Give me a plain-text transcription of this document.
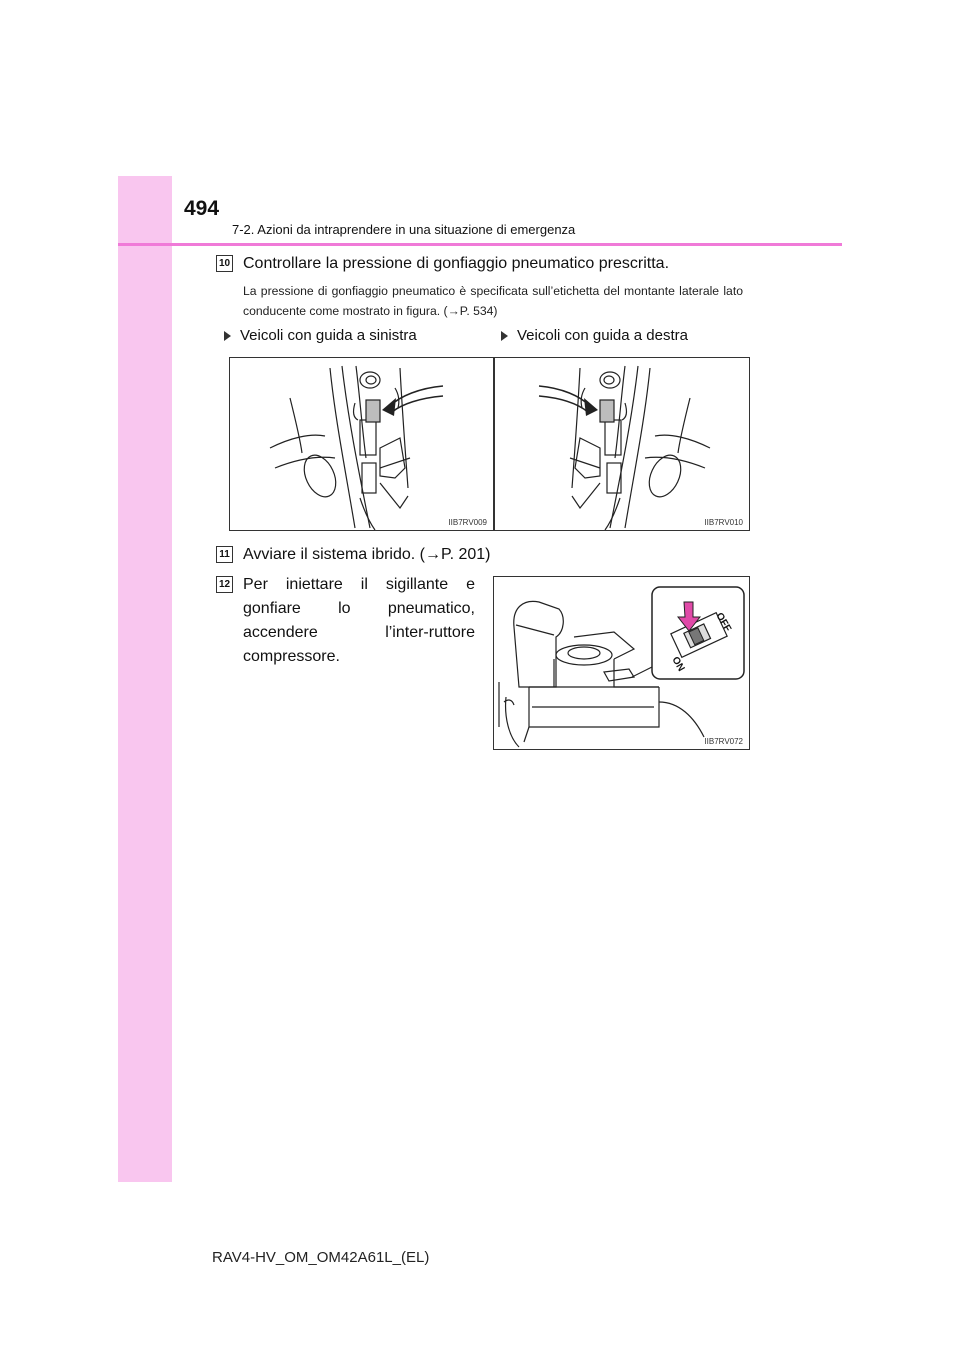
494
7-2. Azioni da intraprendere in una situazione di emergenza
10 Controllare la pressione di gonfiaggio pneumatico prescritta.
La pressione di gonfiaggio pneumatico è specificata sull’etichetta del montante laterale lato conducente come mostrato in figura. (→P. 534)
Veicoli con guida a sinistra	Veicoli con guida a destra
IIB7RV009	IIB7RV010
11 Avviare il sistema ibrido. (→P. 201)
12 Per iniettare il sigillante e gonfiare lo pneumatico, accendere l’inter-ruttore compressore.	ON
OFF
IIB7RV072
RAV4-HV_OM_OM42A61L_(EL)
